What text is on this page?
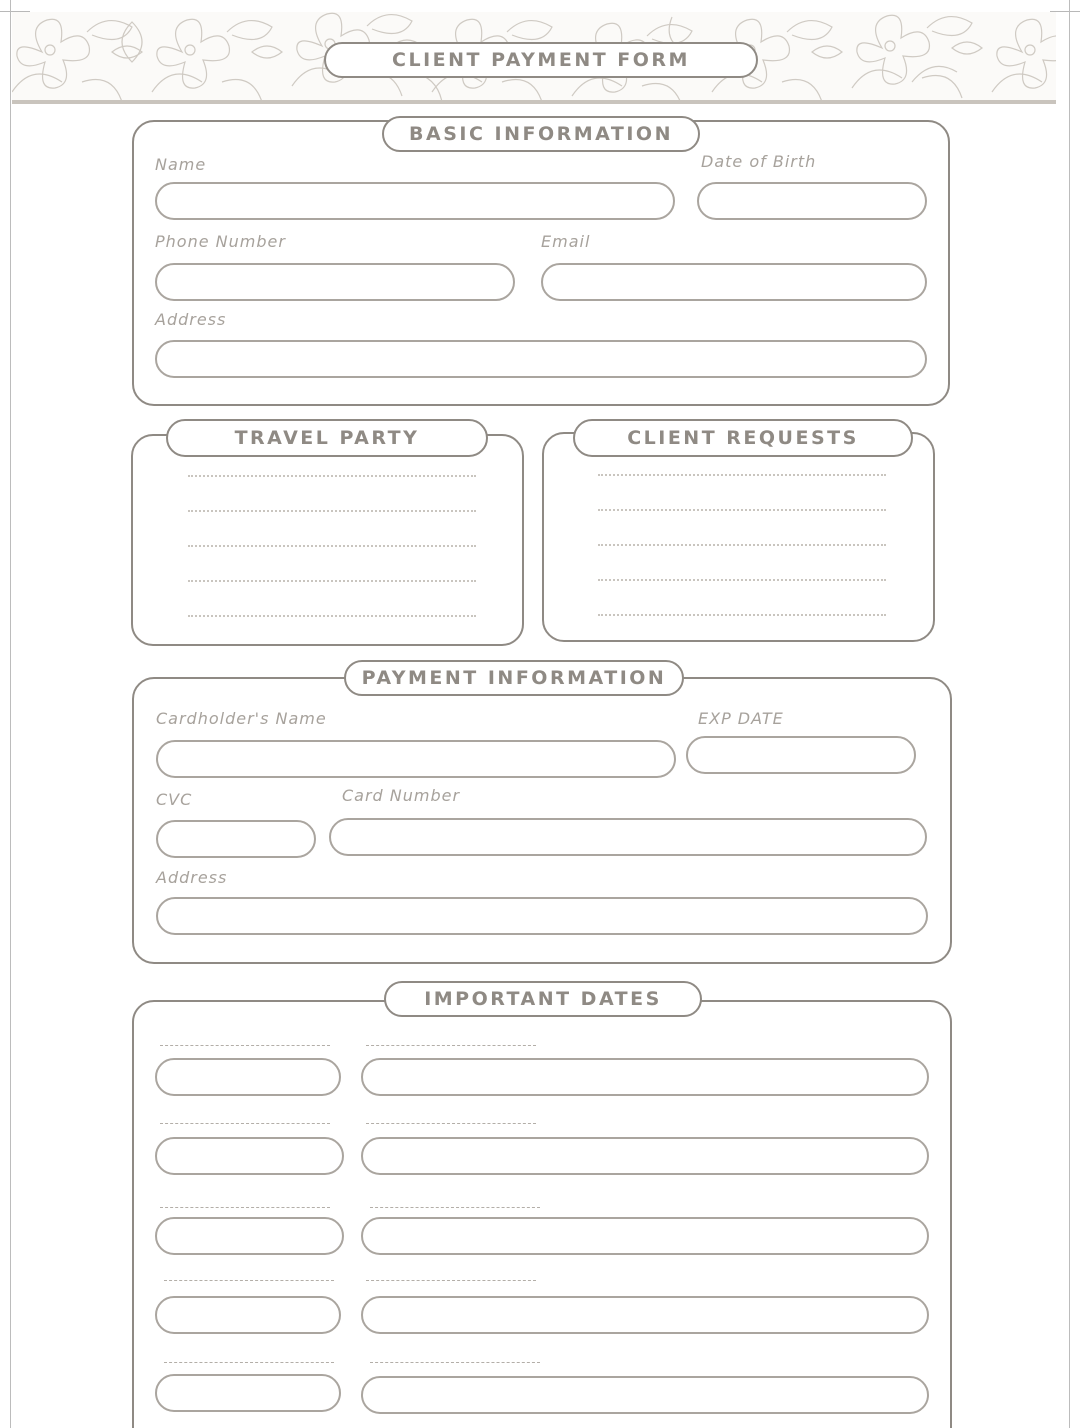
CLIENT PAYMENT FORM
BASIC INFORMATION
Name	Date of Birth
Phone Number	Email
Address
TRAVEL PARTY	CLIENT REQUESTS
PAYMENT INFORMATION
Cardholder's Name	EXP DATE
CVC	Card Number
Address
IMPORTANT DATES
